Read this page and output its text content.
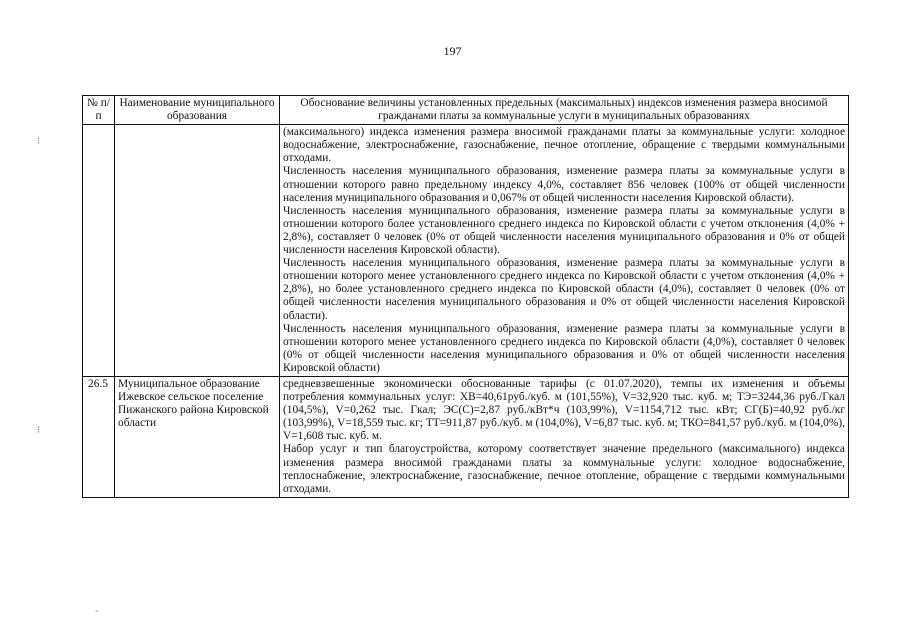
197
⁝
⁝
-
№ п/п	Наименование муниципального образования	Обоснование величины установленных предельных (максимальных) индексов изменения размера вносимой гражданами платы за коммунальные услуги в муниципальных образованиях

		(максимального) индекса изменения размера вносимой гражданами платы за коммунальные услуги: холодное водоснабжение, электроснабжение, газоснабжение, печное отопление, обращение с твердыми коммунальными отходами.
Численность населения муниципального образования, изменение размера платы за коммунальные услуги в отношении которого равно предельному индексу 4,0%, составляет 856 человек (100% от общей численности населения муниципального образования и 0,067% от общей численности населения Кировской области).
Численность населения муниципального образования, изменение размера платы за коммунальные услуги в отношении которого более установленного среднего индекса по Кировской области с учетом отклонения (4,0% + 2,8%), составляет 0 человек (0% от общей численности населения муниципального образования и 0% от общей численности населения Кировской области).
Численность населения муниципального образования, изменение размера платы за коммунальные услуги в отношении которого менее установленного среднего индекса по Кировской области с учетом отклонения (4,0% + 2,8%), но более установленного среднего индекса по Кировской области (4,0%), составляет 0 человек (0% от общей численности населения муниципального образования и 0% от общей численности населения Кировской области).
Численность населения муниципального образования, изменение размера платы за коммунальные услуги в отношении которого менее установленного среднего индекса по Кировской области (4,0%), составляет 0 человек (0% от общей численности населения муниципального образования и 0% от общей численности населения Кировской области)

26.5	Муниципальное образование Ижевское сельское поселение Пижанского района Кировской области	средневзвешенные экономически обоснованные тарифы (с 01.07.2020), темпы их изменения и объемы потребления коммунальных услуг: ХВ=40,61руб./куб. м (101,55%), V=32,920 тыс. куб. м; ТЭ=3244,36 руб./Гкал (104,5%), V=0,262 тыс. Гкал; ЭС(С)=2,87 руб./кВт*ч (103,99%), V=1154,712 тыс. кВт; СГ(Б)=40,92 руб./кг (103,99%), V=18,559 тыс. кг; ТТ=911,87 руб./куб. м (104,0%), V=6,87 тыс. куб. м; ТКО=841,57 руб./куб. м (104,0%), V=1,608 тыс. куб. м.
Набор услуг и тип благоустройства, которому соответствует значение предельного (максимального) индекса изменения размера вносимой гражданами платы за коммунальные услуги: холодное водоснабжение, теплоснабжение, электроснабжение, газоснабжение, печное отопление, обращение с твердыми коммунальными отходами.
